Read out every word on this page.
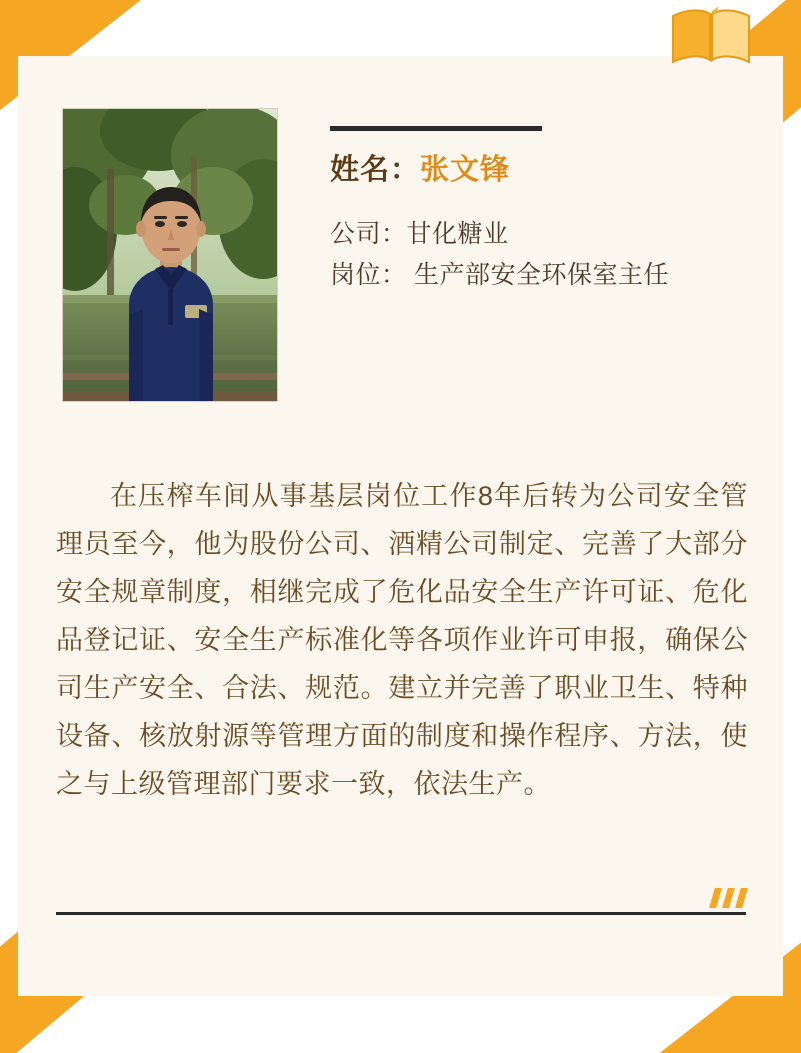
姓名：张文锋
公司：甘化糖业
岗位： 生产部安全环保室主任
在压榨车间从事基层岗位工作8年后转为公司安全管理员至今，他为股份公司、酒精公司制定、完善了大部分安全规章制度，相继完成了危化品安全生产许可证、危化品登记证、安全生产标准化等各项作业许可申报，确保公司生产安全、合法、规范。建立并完善了职业卫生、特种设备、核放射源等管理方面的制度和操作程序、方法，使之与上级管理部门要求一致，依法生产。
